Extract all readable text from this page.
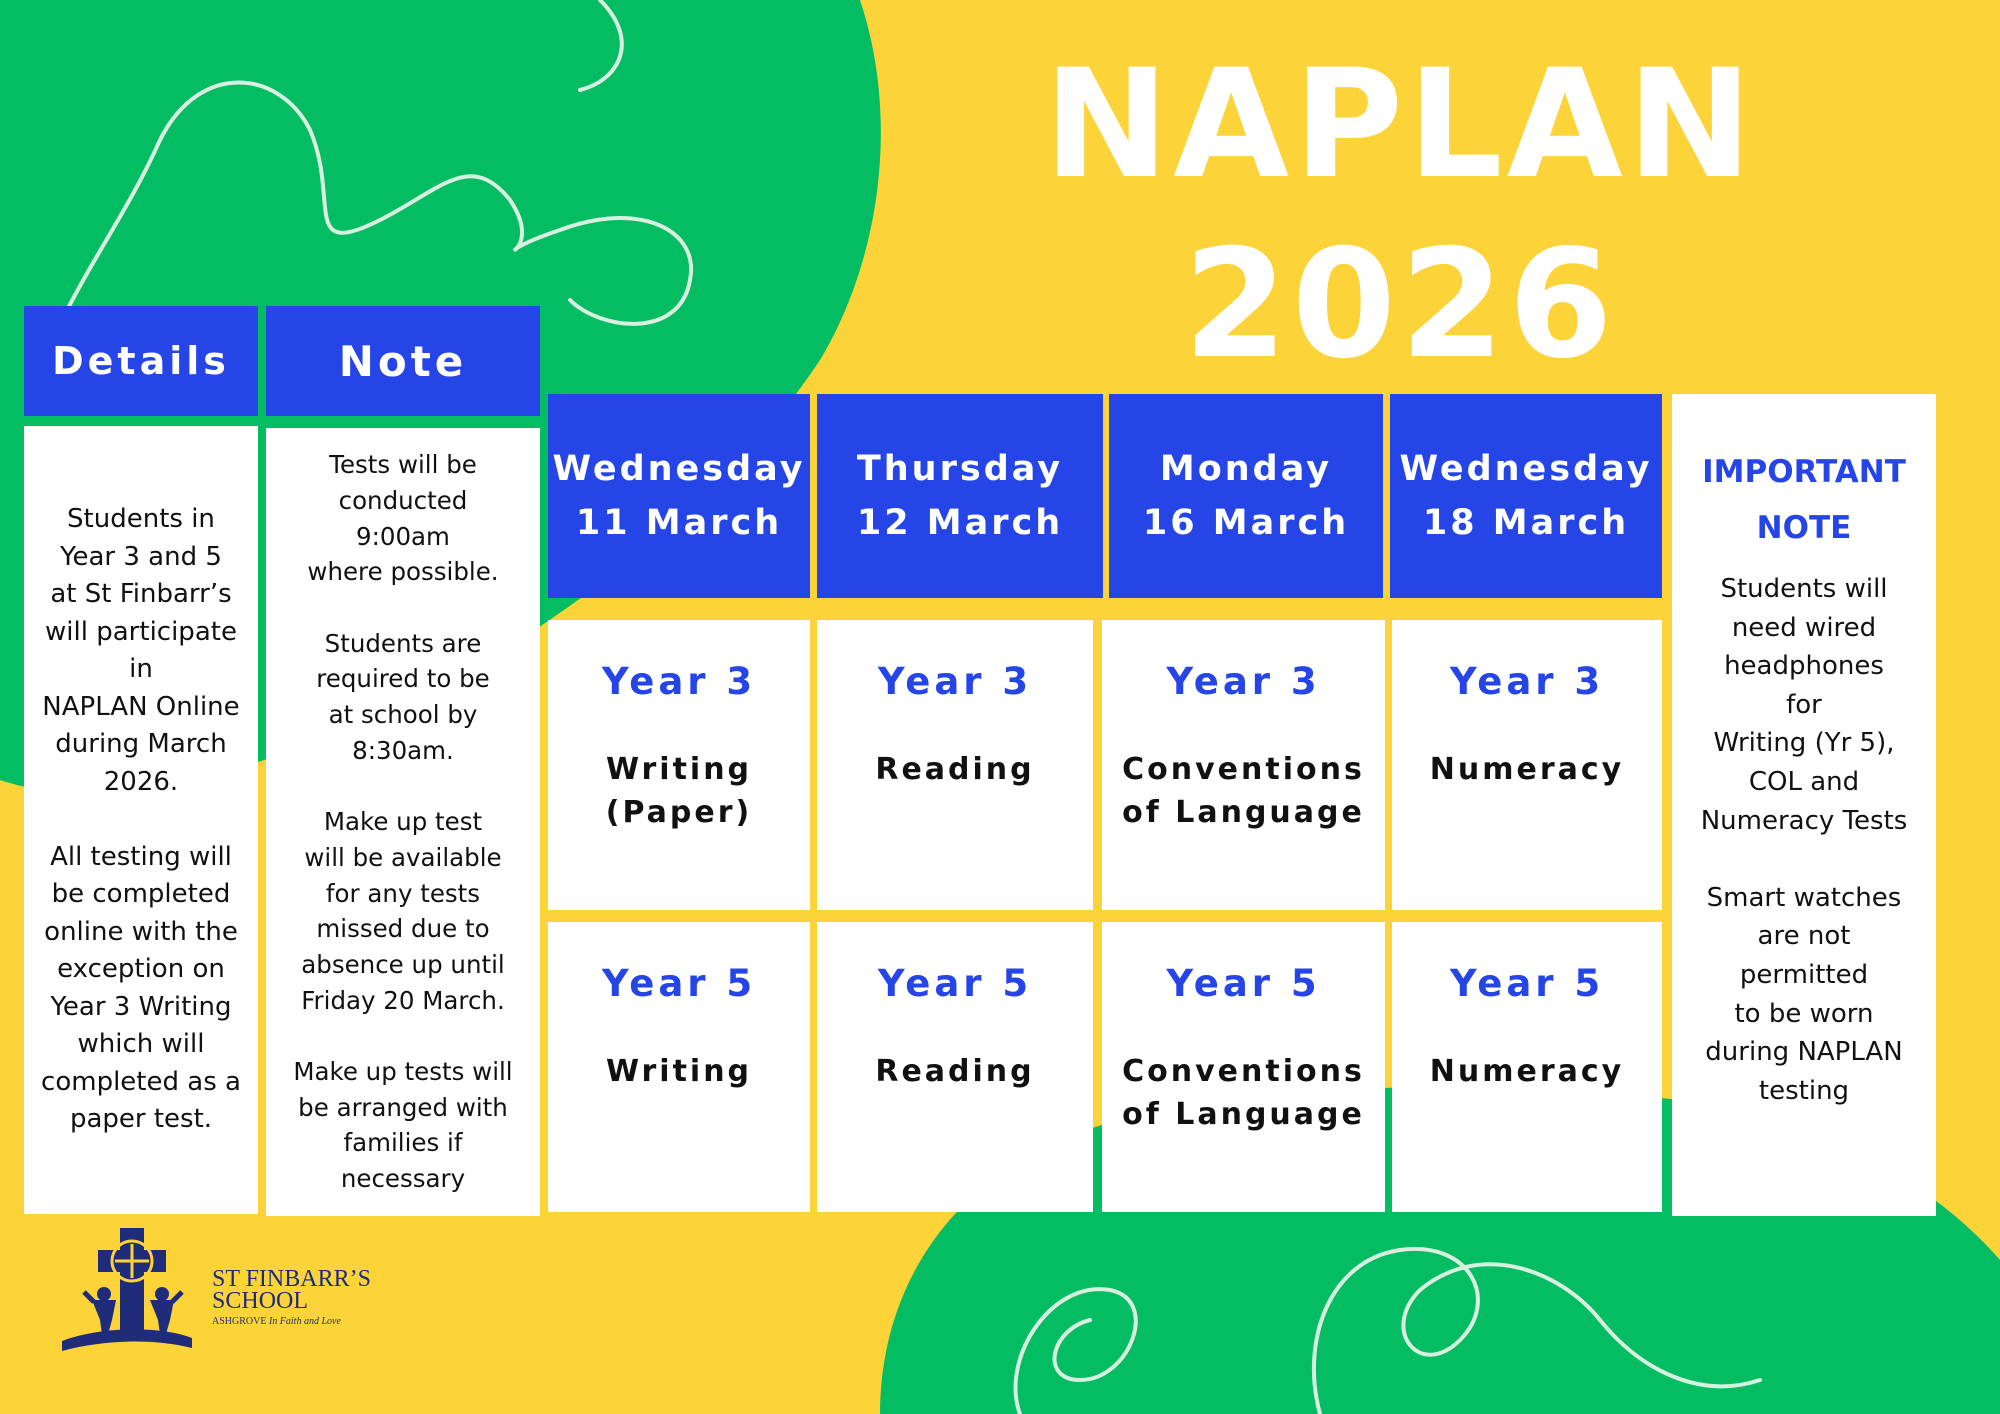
NAPLAN
2026
Details
Students in
Year 3 and 5
at St Finbarr’s
will participate
in
NAPLAN Online
during March
2026.

All testing will
be completed
online with the
exception on
Year 3 Writing
which will
completed as a
paper test.
Note
Tests will be
conducted
9:00am
where possible.

Students are
required to be
at school by
8:30am.

Make up test
will be available
for any tests
missed due to
absence up until
Friday 20 March.

Make up tests will
be arranged with
families if
necessary
Wednesday
11 March
Year 3
Writing
(Paper)
Year 5
Writing
Thursday
12 March
Year 3
Reading
Year 5
Reading
Monday
16 March
Year 3
Conventions
of Language
Year 5
Conventions
of Language
Wednesday
18 March
Year 3
Numeracy
Year 5
Numeracy
IMPORTANT
NOTE
Students will
need wired
headphones
for
Writing (Yr 5),
COL and
Numeracy Tests

Smart watches
are not
permitted
to be worn
during NAPLAN
testing
ST FINBARR’S
SCHOOL
ASHGROVE In Faith and Love
